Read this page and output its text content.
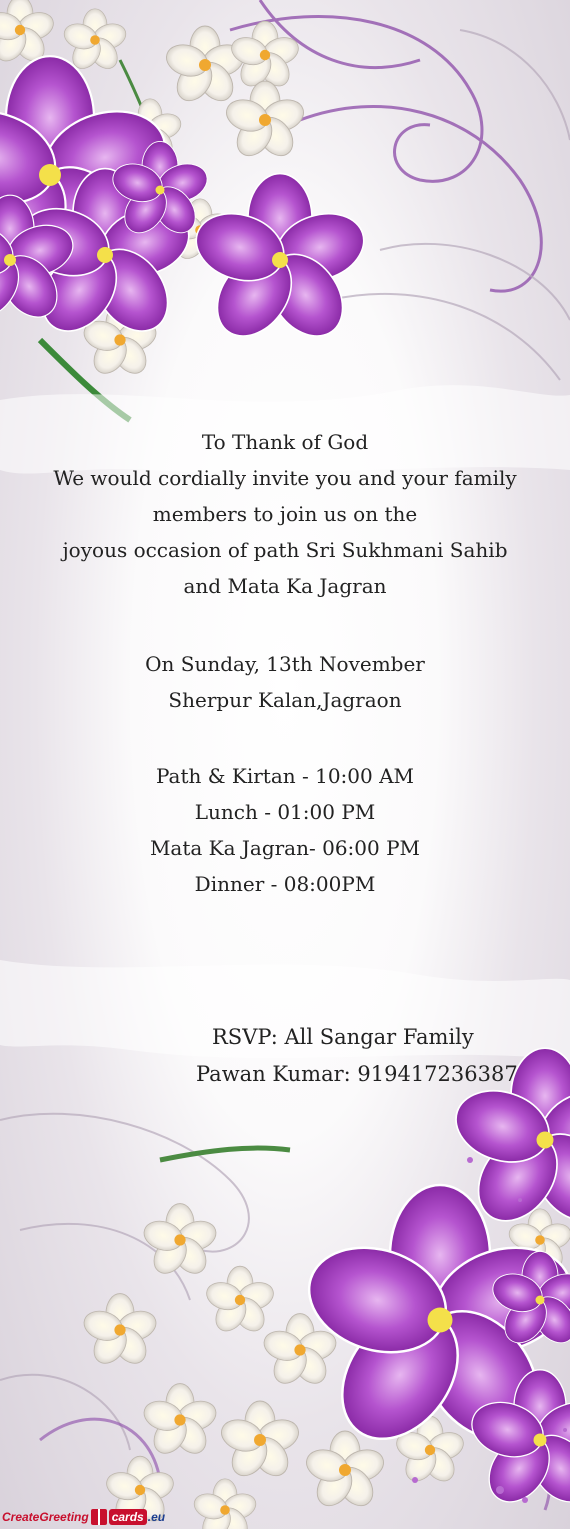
To Thank of God
We would cordially invite you and your family
members to join us on the
joyous occasion of path Sri Sukhmani Sahib
and Mata Ka Jagran
On Sunday, 13th November
Sherpur Kalan,Jagraon
Path & Kirtan - 10:00 AM
Lunch - 01:00 PM
Mata Ka Jagran- 06:00 PM
Dinner - 08:00PM
RSVP: All Sangar Family
Pawan Kumar: 919417236387
CreateGreeting cards .eu
